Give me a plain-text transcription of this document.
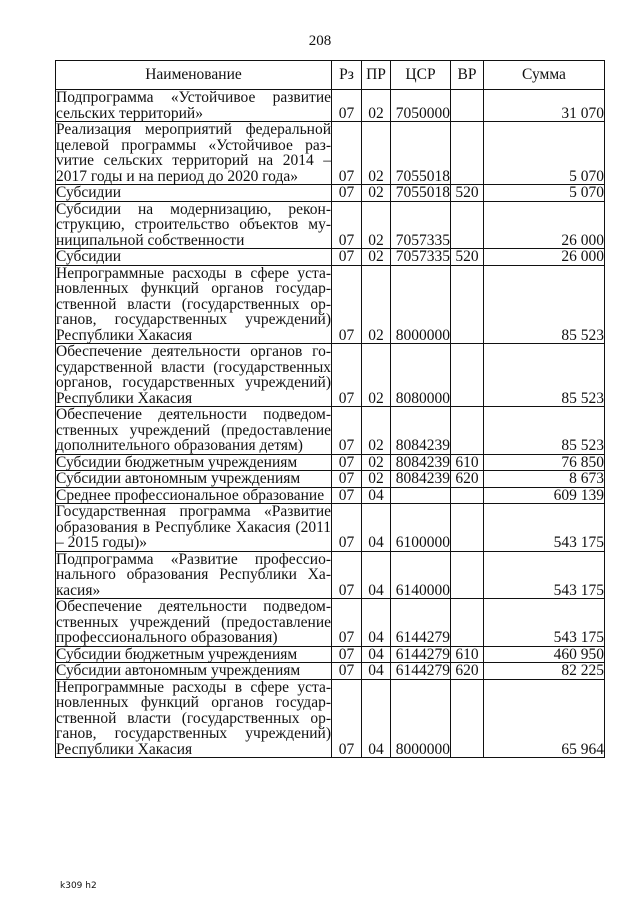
208
Наименование	Рз	ПР	ЦСР	ВР	Сумма
Подпрограмма «Устойчивое развитие сельских территорий»	07	02	7050000		31 070
Реализация мероприятий федеральной целевой программы «Устойчивое разvитие сельских территорий на 2014 – 2017 годы и на период до 2020 года»	07	02	7055018		5 070
Субсидии	07	02	7055018	520	5 070
Субсидии на модернизацию, реконструкцию, строительство объектов муниципальной собственности	07	02	7057335		26 000
Субсидии	07	02	7057335	520	26 000
Непрограммные расходы в сфере установленных функций органов государственной власти (государственных органов, государственных учреждений) Республики Хакасия	07	02	8000000		85 523
Обеспечение деятельности органов государственной власти (государственных органов, государственных учреждений) Республики Хакасия	07	02	8080000		85 523
Обеспечение деятельности подведомственных учреждений (предоставление дополнительного образования детям)	07	02	8084239		85 523
Субсидии бюджетным учреждениям	07	02	8084239	610	76 850
Субсидии автономным учреждениям	07	02	8084239	620	8 673
Среднее профессиональное образование	07	04			609 139
Государственная программа «Развитие образования в Республике Хакасия (2011 – 2015 годы)»	07	04	6100000		543 175
Подпрограмма «Развитие профессионального образования Республики Хакасия»	07	04	6140000		543 175
Обеспечение деятельности подведомственных учреждений (предоставление профессионального образования)	07	04	6144279		543 175
Субсидии бюджетным учреждениям	07	04	6144279	610	460 950
Субсидии автономным учреждениям	07	04	6144279	620	82 225
Непрограммные расходы в сфере установленных функций органов государственной власти (государственных органов, государственных учреждений) Республики Хакасия	07	04	8000000		65 964
k309 h2
